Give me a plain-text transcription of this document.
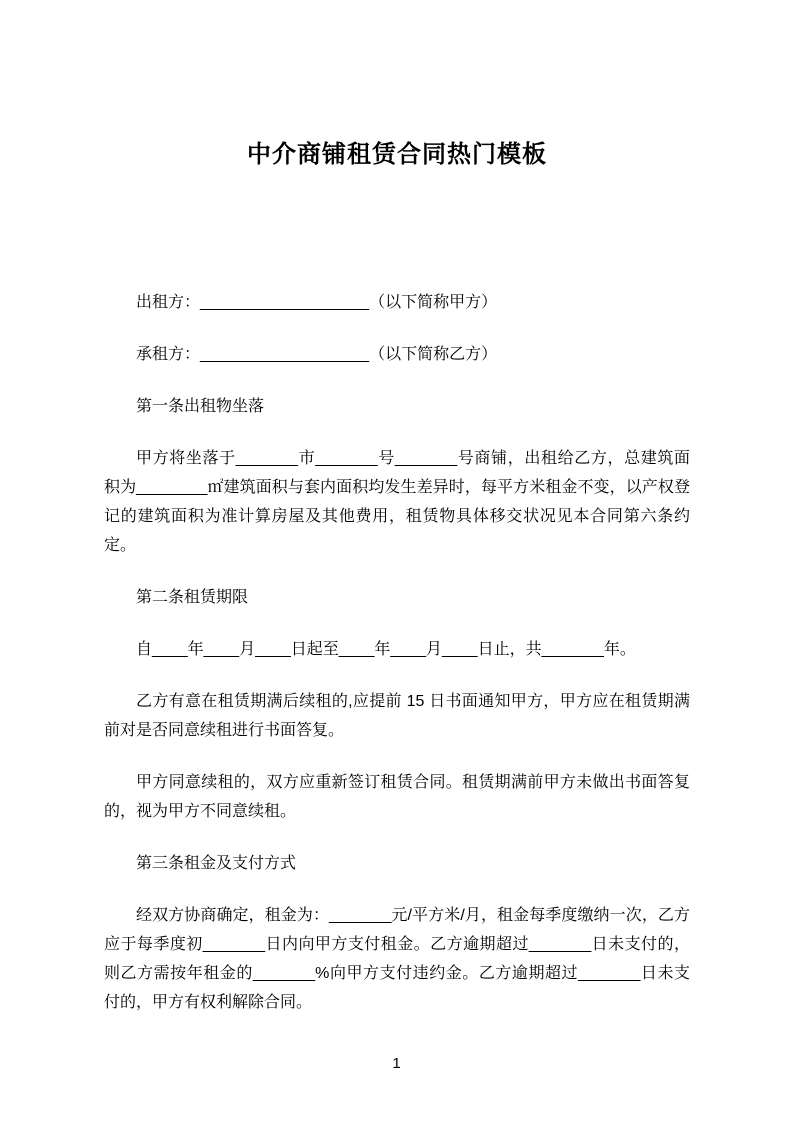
中介商铺租赁合同热门模板

出租方：___________________（以下简称甲方）

承租方：___________________（以下简称乙方）

第一条出租物坐落

甲方将坐落于_______市_______号_______号商铺，出租给乙方，总建筑面积为________㎡建筑面积与套内面积均发生差异时，每平方米租金不变，以产权登记的建筑面积为准计算房屋及其他费用，租赁物具体移交状况见本合同第六条约定。

第二条租赁期限

自____年____月____日起至____年____月____日止，共_______年。

乙方有意在租赁期满后续租的,应提前 15 日书面通知甲方，甲方应在租赁期满前对是否同意续租进行书面答复。

甲方同意续租的，双方应重新签订租赁合同。租赁期满前甲方未做出书面答复的，视为甲方不同意续租。

第三条租金及支付方式

经双方协商确定，租金为：_______元/平方米/月，租金每季度缴纳一次，乙方应于每季度初_______日内向甲方支付租金。乙方逾期超过_______日未支付的，则乙方需按年租金的_______%向甲方支付违约金。乙方逾期超过_______日未支付的，甲方有权利解除合同。

1
